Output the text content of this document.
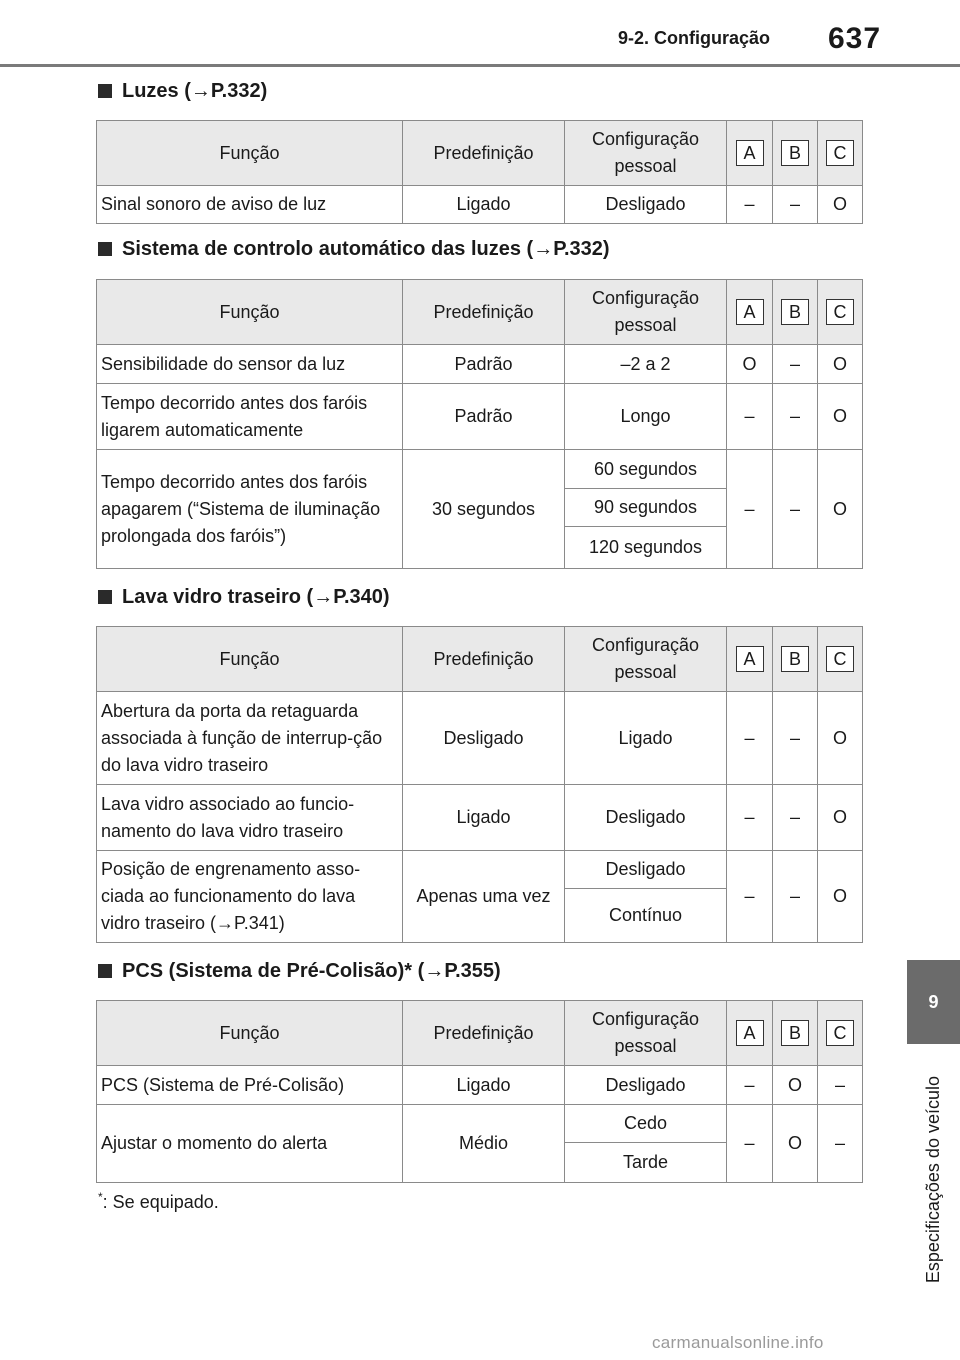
9-2. Configuração 637
9
Especificações do veículo
Luzes (→P.332)
Função	Predefinição	Configuração pessoal	A	B	C
Sinal sonoro de aviso de luz	Ligado	Desligado	–	–	O
Sistema de controlo automático das luzes (→P.332)
Função	Predefinição	Configuração pessoal	A	B	C
Sensibilidade do sensor da luz	Padrão	–2 a 2	O	–	O
Tempo decorrido antes dos faróis ligarem automaticamente	Padrão	Longo	–	–	O
Tempo decorrido antes dos faróis apagarem (“Sistema de iluminação prolongada dos faróis”)	30 segundos	60 segundos	–	–	O
		90 segundos			
		120 segundos			
Lava vidro traseiro (→P.340)
Função	Predefinição	Configuração pessoal	A	B	C
Abertura da porta da retaguarda associada à função de interrup-ção do lava vidro traseiro	Desligado	Ligado	–	–	O
Lava vidro associado ao funcio-namento do lava vidro traseiro	Ligado	Desligado	–	–	O
Posição de engrenamento asso-ciada ao funcionamento do lava vidro traseiro (→P.341)	Apenas uma vez	Desligado	–	–	O
		Contínuo			
PCS (Sistema de Pré-Colisão)* (→P.355)
Função	Predefinição	Configuração pessoal	A	B	C
PCS (Sistema de Pré-Colisão)	Ligado	Desligado	–	O	–
Ajustar o momento do alerta	Médio	Cedo	–	O	–
		Tarde			
*: Se equipado.
carmanualsonline.info
